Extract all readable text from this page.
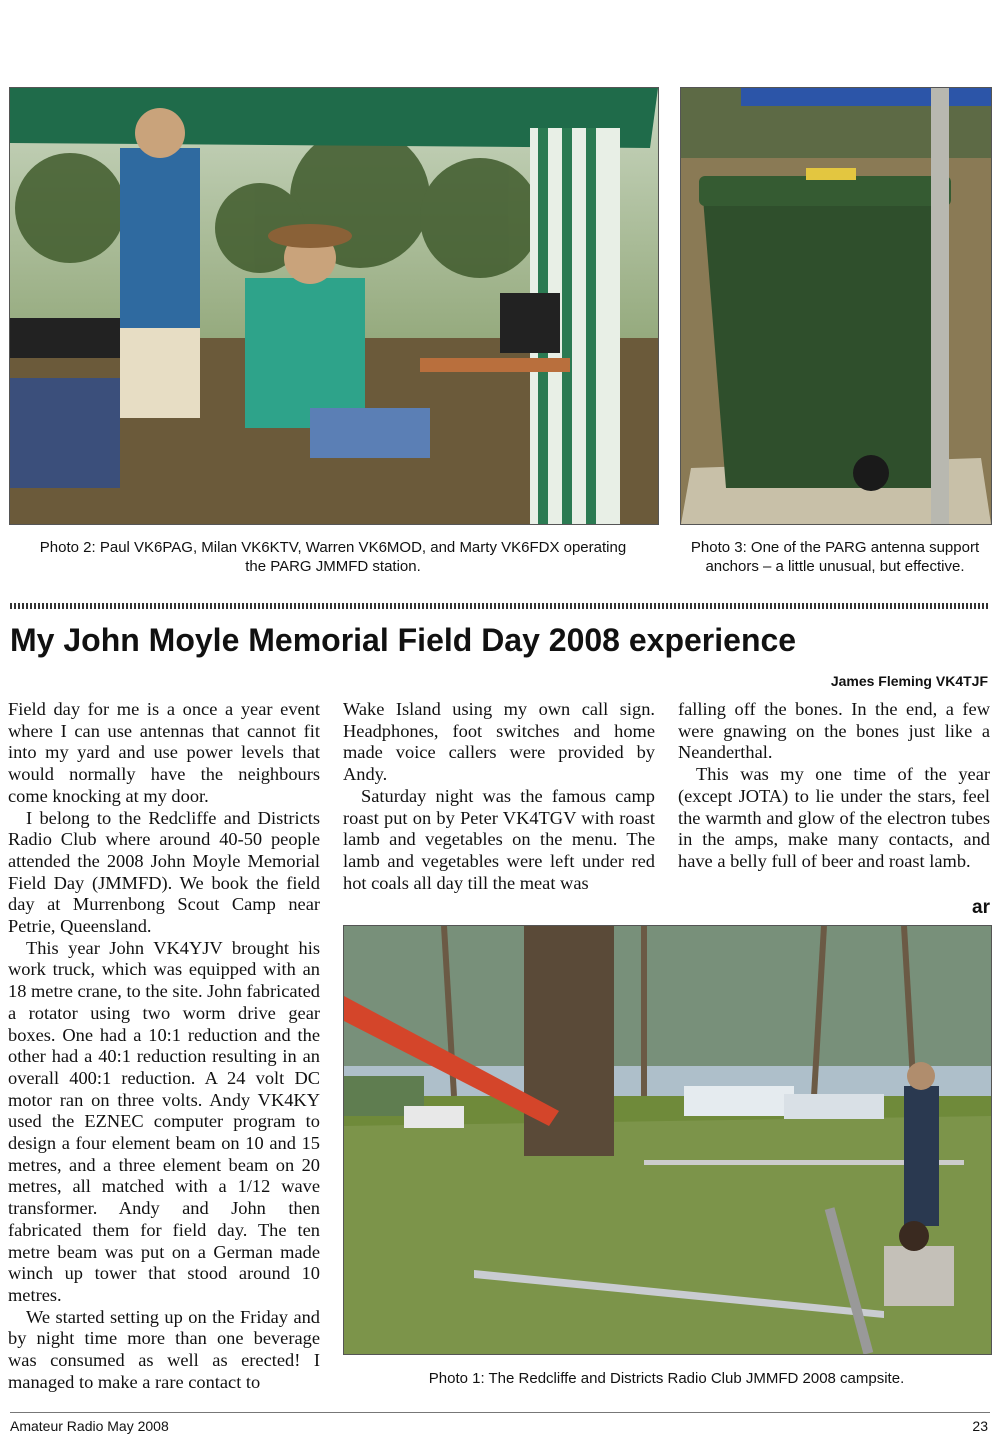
Photo 2: Paul VK6PAG, Milan VK6KTV, Warren VK6MOD, and Marty VK6FDX operating the PARG JMMFD station.
Photo 3: One of the PARG antenna support anchors – a little unusual, but effective.
My John Moyle Memorial Field Day 2008 experience
James Fleming VK4TJF

Field day for me is a once a year event where I can use antennas that cannot fit into my yard and use power levels that would normally have the neighbours come knocking at my door.

I belong to the Redcliffe and Districts Radio Club where around 40-50 people attended the 2008 John Moyle Memorial Field Day (JMMFD). We book the field day at Murrenbong Scout Camp near Petrie, Queensland.

This year John VK4YJV brought his work truck, which was equipped with an 18 metre crane, to the site. John fabricated a rotator using two worm drive gear boxes. One had a 10:1 reduction and the other had a 40:1 reduction resulting in an overall 400:1 reduction. A 24 volt DC motor ran on three volts. Andy VK4KY used the EZNEC computer program to design a four element beam on 10 and 15 metres, and a three element beam on 20 metres, all matched with a 1/12 wave transformer. Andy and John then fabricated them for field day. The ten metre beam was put on a German made winch up tower that stood around 10 metres.

We started setting up on the Friday and by night time more than one beverage was consumed as well as erected! I managed to make a rare contact to

Wake Island using my own call sign. Headphones, foot switches and home made voice callers were provided by Andy.

Saturday night was the famous camp roast put on by Peter VK4TGV with roast lamb and vegetables on the menu. The lamb and vegetables were left under red hot coals all day till the meat was

falling off the bones. In the end, a few were gnawing on the bones just like a Neanderthal.

This was my one time of the year (except JOTA) to lie under the stars, feel the warmth and glow of the electron tubes in the amps, make many contacts, and have a belly full of beer and roast lamb.

ar
Photo 1: The Redcliffe and Districts Radio Club JMMFD 2008 campsite.
Amateur Radio May 2008	23
